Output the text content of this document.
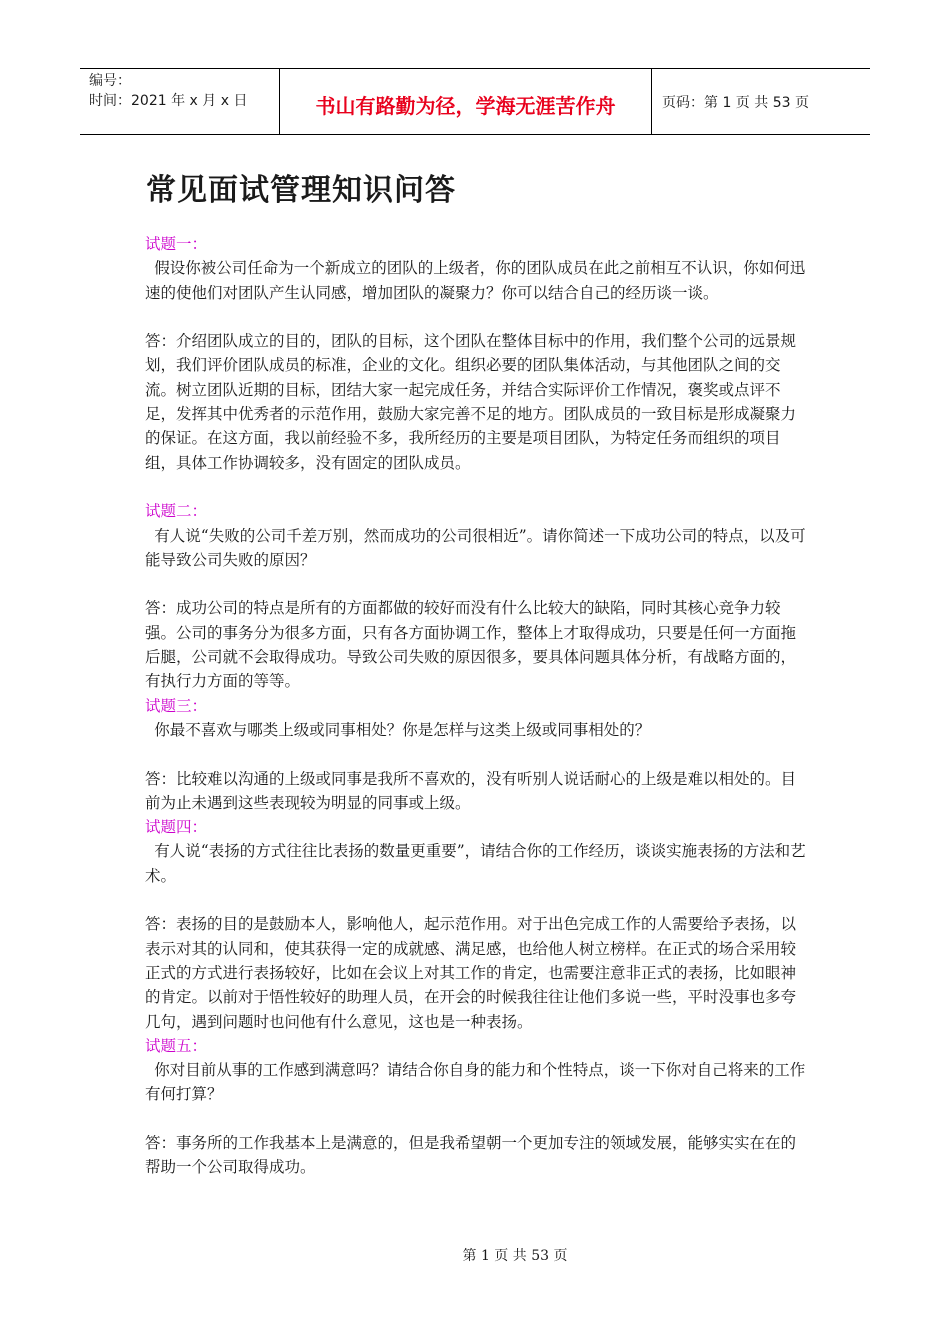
编号：
时间：2021 年 x 月 x 日	书山有路勤为径，学海无涯苦作舟	页码：第 1 页 共 53 页
常见面试管理知识问答

试题一：

假设你被公司任命为一个新成立的团队的上级者，你的团队成员在此之前相互不认识，你如何迅速的使他们对团队产生认同感，增加团队的凝聚力？你可以结合自己的经历谈一谈。

答：介绍团队成立的目的，团队的目标，这个团队在整体目标中的作用，我们整个公司的远景规划，我们评价团队成员的标准，企业的文化。组织必要的团队集体活动，与其他团队之间的交流。树立团队近期的目标，团结大家一起完成任务，并结合实际评价工作情况，褒奖或点评不足，发挥其中优秀者的示范作用，鼓励大家完善不足的地方。团队成员的一致目标是形成凝聚力的保证。在这方面，我以前经验不多，我所经历的主要是项目团队，为特定任务而组织的项目组，具体工作协调较多，没有固定的团队成员。

试题二：

有人说“失败的公司千差万别，然而成功的公司很相近”。请你简述一下成功公司的特点，以及可能导致公司失败的原因？

答：成功公司的特点是所有的方面都做的较好而没有什么比较大的缺陷，同时其核心竞争力较强。公司的事务分为很多方面，只有各方面协调工作，整体上才取得成功，只要是任何一方面拖后腿，公司就不会取得成功。导致公司失败的原因很多，要具体问题具体分析，有战略方面的，有执行力方面的等等。

试题三：

你最不喜欢与哪类上级或同事相处？你是怎样与这类上级或同事相处的？

答：比较难以沟通的上级或同事是我所不喜欢的，没有听别人说话耐心的上级是难以相处的。目前为止未遇到这些表现较为明显的同事或上级。

试题四：

有人说“表扬的方式往往比表扬的数量更重要”，请结合你的工作经历，谈谈实施表扬的方法和艺术。

答：表扬的目的是鼓励本人，影响他人，起示范作用。对于出色完成工作的人需要给予表扬，以表示对其的认同和，使其获得一定的成就感、满足感，也给他人树立榜样。在正式的场合采用较正式的方式进行表扬较好，比如在会议上对其工作的肯定，也需要注意非正式的表扬，比如眼神的肯定。以前对于悟性较好的助理人员，在开会的时候我往往让他们多说一些，平时没事也多夸几句，遇到问题时也问他有什么意见，这也是一种表扬。

试题五：

你对目前从事的工作感到满意吗？请结合你自身的能力和个性特点，谈一下你对自己将来的工作有何打算？

答：事务所的工作我基本上是满意的，但是我希望朝一个更加专注的领域发展，能够实实在在的帮助一个公司取得成功。

第 1 页 共 53 页
